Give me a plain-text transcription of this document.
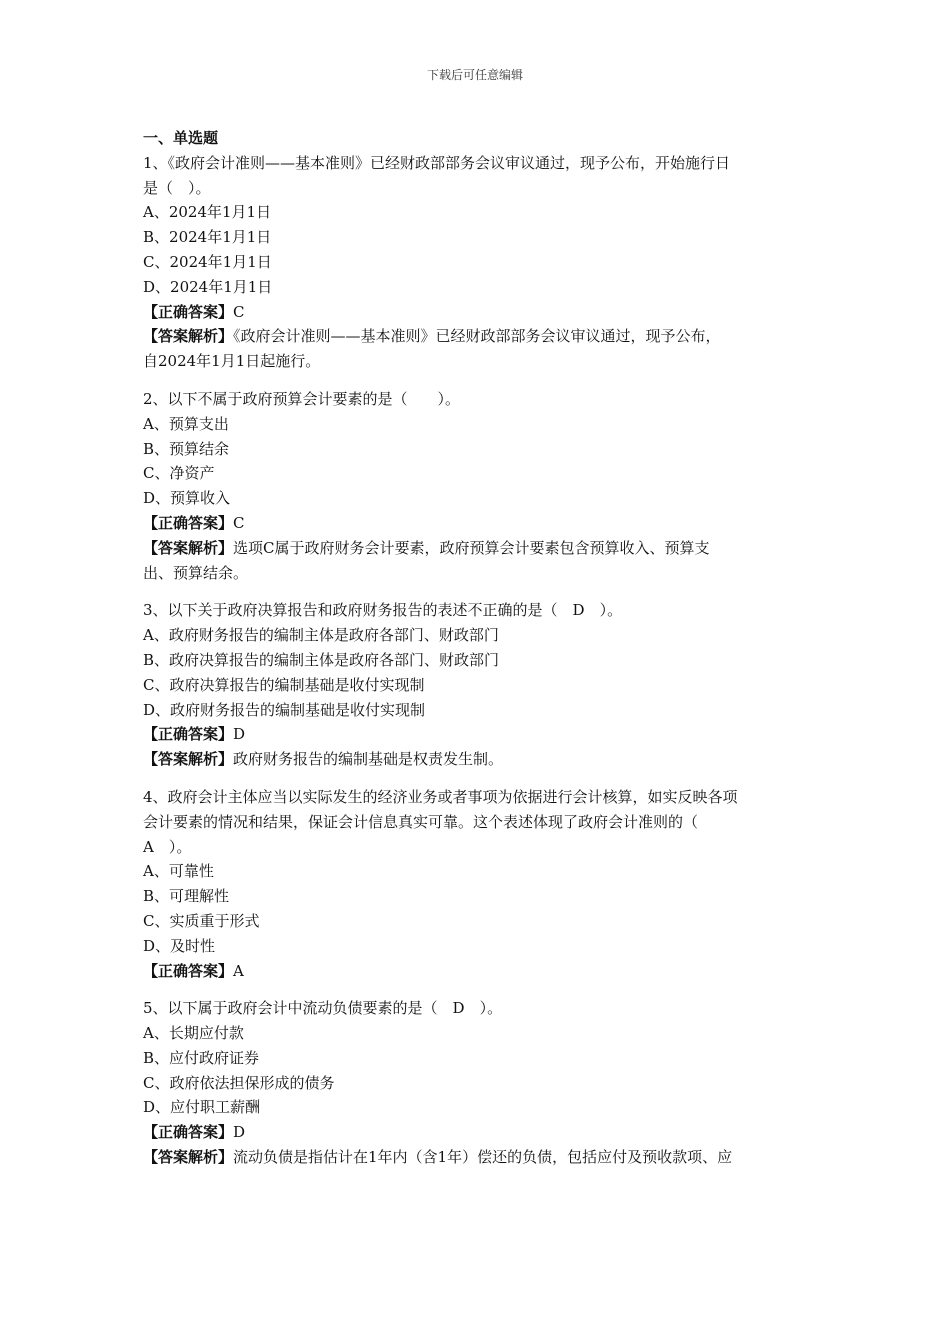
下载后可任意编辑

一、单选题

1、《政府会计准则——基本准则》已经财政部部务会议审议通过，现予公布，开始施行日

是（　）。

A、2024年1月1日

B、2024年1月1日

C、2024年1月1日

D、2024年1月1日

【正确答案】C

【答案解析】《政府会计准则——基本准则》已经财政部部务会议审议通过，现予公布，

自2024年1月1日起施行。

2、以下不属于政府预算会计要素的是（　　）。

A、预算支出

B、预算结余

C、净资产

D、预算收入

【正确答案】C

【答案解析】选项C属于政府财务会计要素，政府预算会计要素包含预算收入、预算支

出、预算结余。

3、以下关于政府决算报告和政府财务报告的表述不正确的是（　D　）。

A、政府财务报告的编制主体是政府各部门、财政部门

B、政府决算报告的编制主体是政府各部门、财政部门

C、政府决算报告的编制基础是收付实现制

D、政府财务报告的编制基础是收付实现制

【正确答案】D

【答案解析】政府财务报告的编制基础是权责发生制。

4、政府会计主体应当以实际发生的经济业务或者事项为依据进行会计核算，如实反映各项

会计要素的情况和结果，保证会计信息真实可靠。这个表述体现了政府会计准则的（

A　）。

A、可靠性

B、可理解性

C、实质重于形式

D、及时性

【正确答案】A

5、以下属于政府会计中流动负债要素的是（　D　）。

A、长期应付款

B、应付政府证券

C、政府依法担保形成的债务

D、应付职工薪酬

【正确答案】D

【答案解析】流动负债是指估计在1年内（含1年）偿还的负债，包括应付及预收款项、应
